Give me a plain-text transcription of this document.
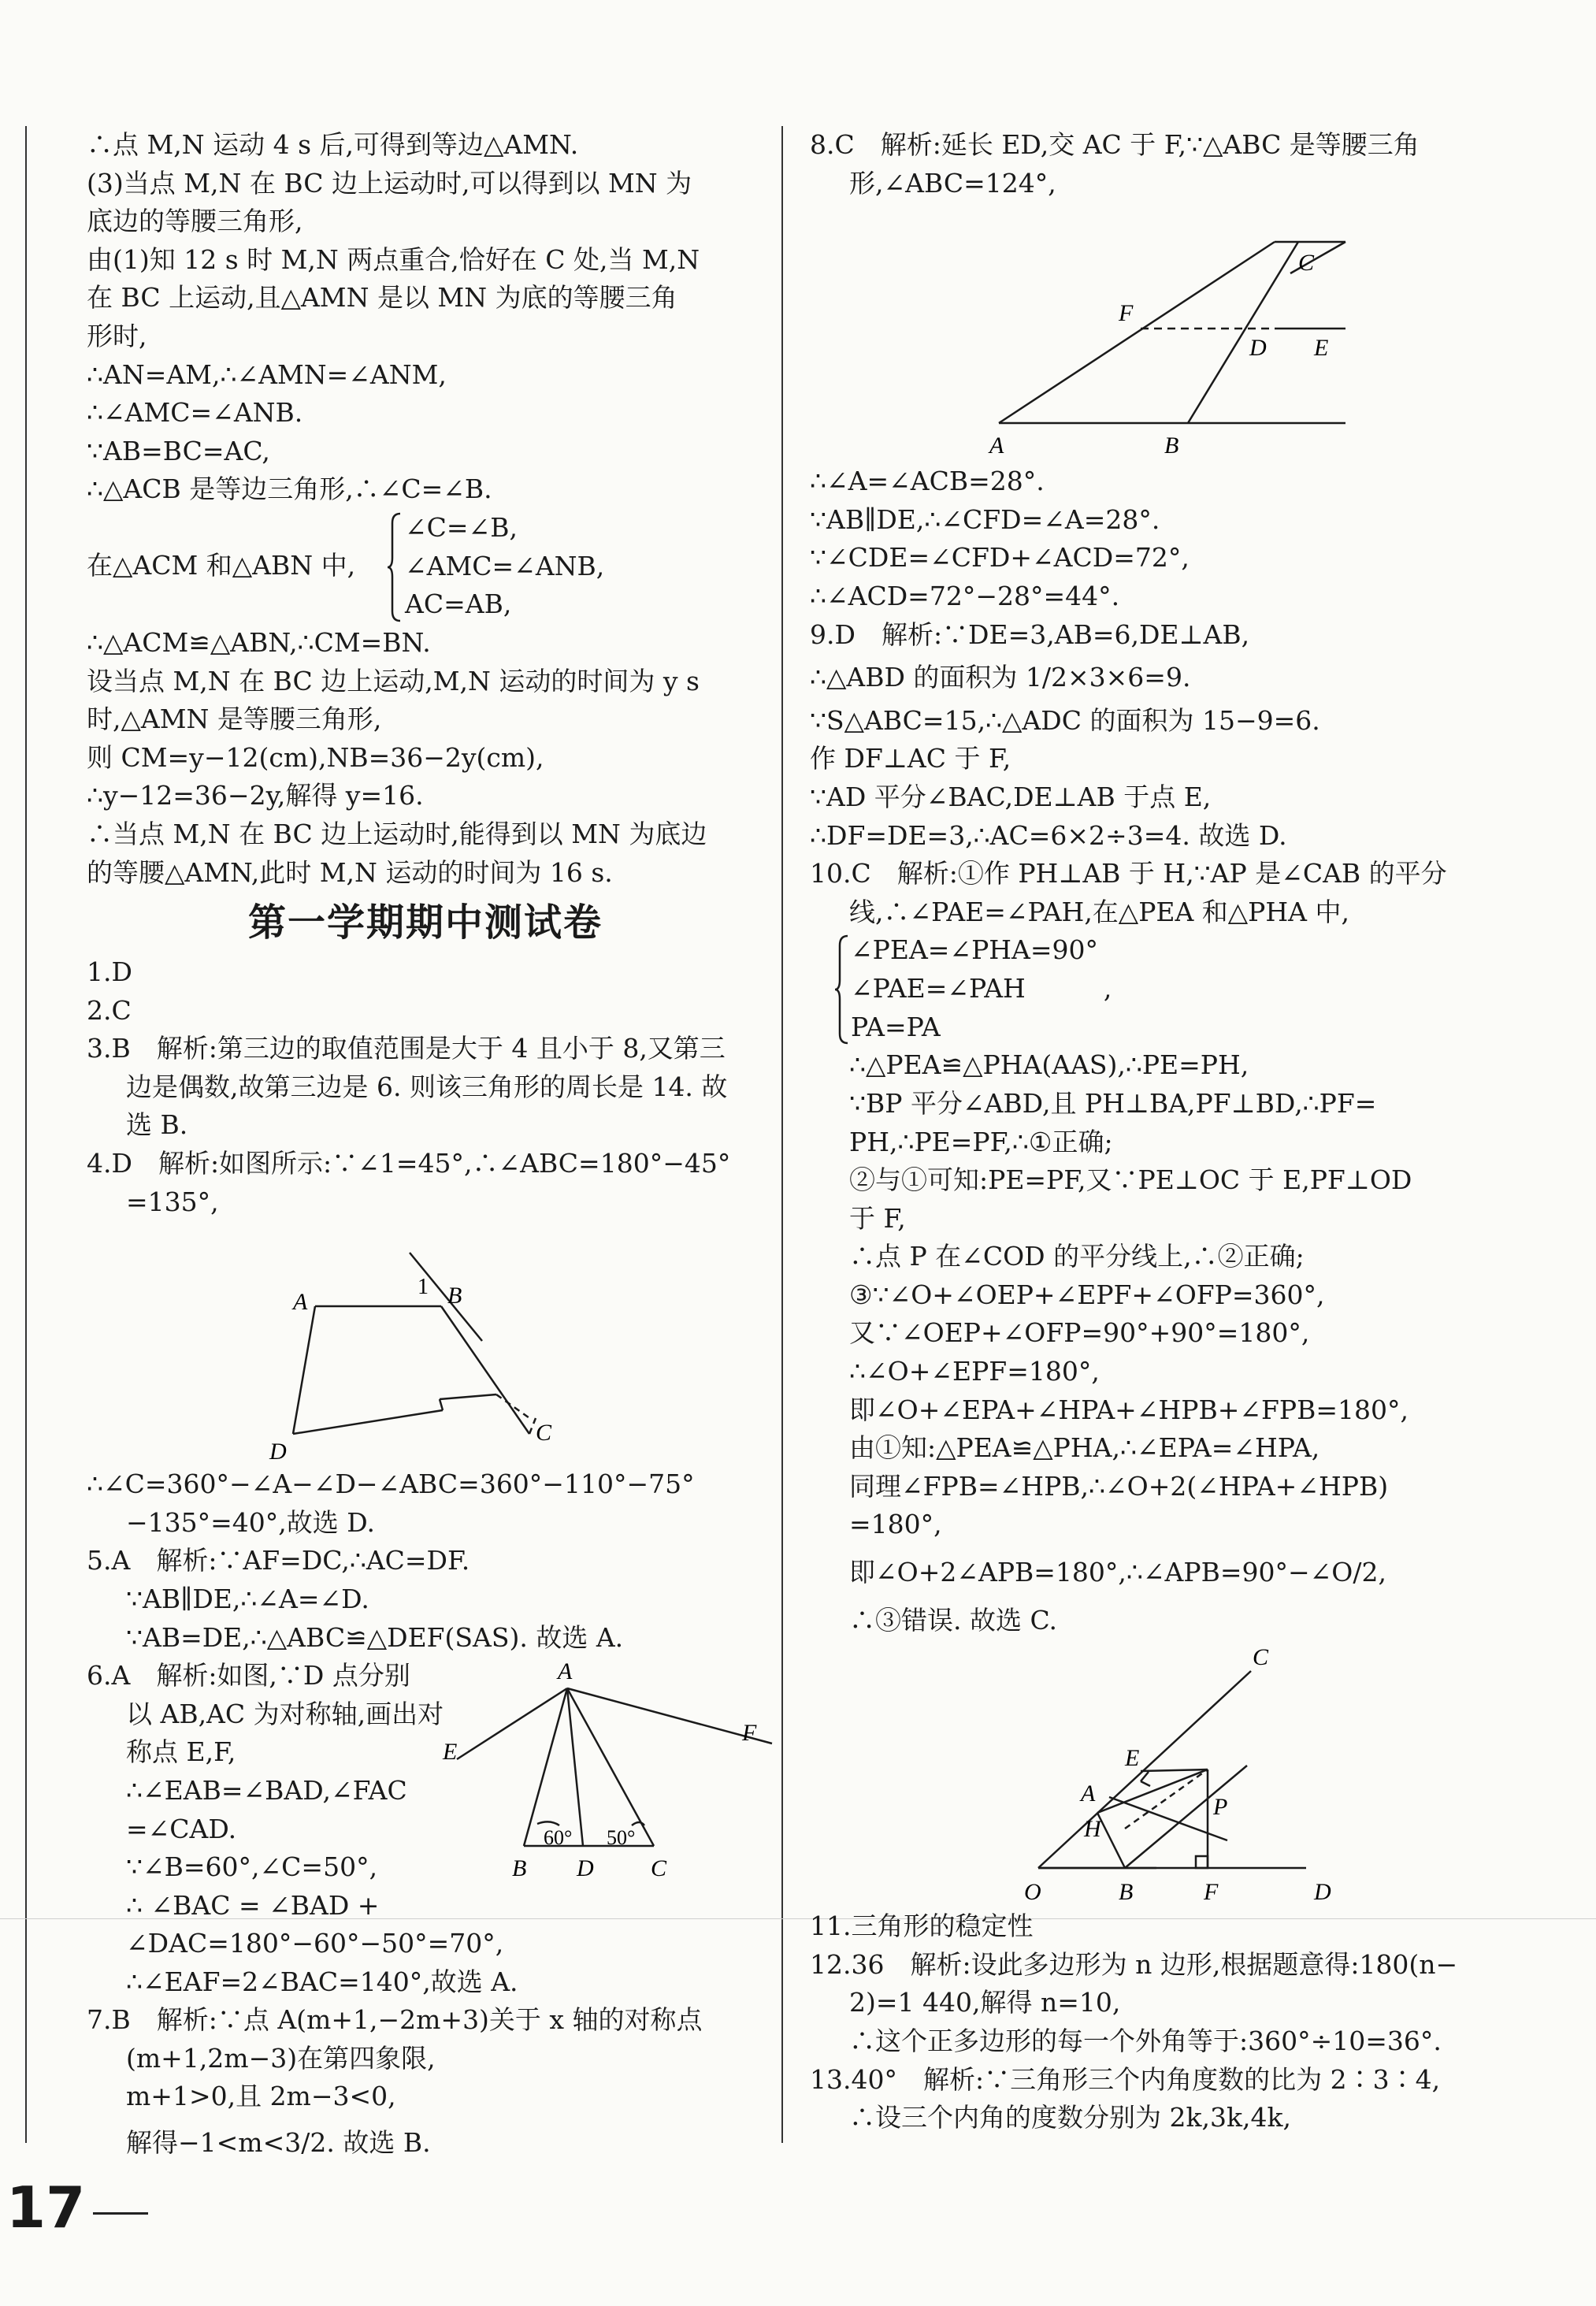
∴点 M,N 运动 4 s 后,可得到等边△AMN.
(3)当点 M,N 在 BC 边上运动时,可以得到以 MN 为
底边的等腰三角形,
由(1)知 12 s 时 M,N 两点重合,恰好在 C 处,当 M,N
在 BC 上运动,且△AMN 是以 MN 为底的等腰三角
形时,
∴AN=AM,∴∠AMN=∠ANM,
∴∠AMC=∠ANB.
∵AB=BC=AC,
∴△ACB 是等边三角形,∴∠C=∠B.
在△ACM 和△ABN 中,
∠C=∠B,
∠AMC=∠ANB,
AC=AB,
∴△ACM≌△ABN,∴CM=BN.
设当点 M,N 在 BC 边上运动,M,N 运动的时间为 y s
时,△AMN 是等腰三角形,
则 CM=y−12(cm),NB=36−2y(cm),
∴y−12=36−2y,解得 y=16.
∴当点 M,N 在 BC 边上运动时,能得到以 MN 为底边
的等腰△AMN,此时 M,N 运动的时间为 16 s.
第一学期期中测试卷
1.D
2.C
3.B　解析:第三边的取值范围是大于 4 且小于 8,又第三
边是偶数,故第三边是 6. 则该三角形的周长是 14. 故
选 B.
4.D　解析:如图所示:∵∠1=45°,∴∠ABC=180°−45°
=135°,
A	B
C
D
1
∴∠C=360°−∠A−∠D−∠ABC=360°−110°−75°
−135°=40°,故选 D.
5.A　解析:∵AF=DC,∴AC=DF.
∵AB∥DE,∴∠A=∠D.
∵AB=DE,∴△ABC≌△DEF(SAS). 故选 A.
6.A　解析:如图,∵D 点分别
以 AB,AC 为对称轴,画出对
称点 E,F,
∴∠EAB=∠BAD,∠FAC
=∠CAD.
∵∠B=60°,∠C=50°,
∴ ∠BAC = ∠BAD +
∠DAC=180°−60°−50°=70°,
∴∠EAF=2∠BAC=140°,故选 A.
A
B	C
D
E
F
60° 50°
7.B　解析:∵点 A(m+1,−2m+3)关于 x 轴的对称点
(m+1,2m−3)在第四象限,
m+1>0,且 2m−3<0,
解得−1<m<3/2. 故选 B.
8.C　解析:延长 ED,交 AC 于 F,∵△ABC 是等腰三角
形,∠ABC=124°,
C
F
D E
A	B
∴∠A=∠ACB=28°.
∵AB∥DE,∴∠CFD=∠A=28°.
∵∠CDE=∠CFD+∠ACD=72°,
∴∠ACD=72°−28°=44°.
9.D　解析:∵DE=3,AB=6,DE⊥AB,
∴△ABD 的面积为 1/2×3×6=9.
∵S△ABC=15,∴△ADC 的面积为 15−9=6.
作 DF⊥AC 于 F,
∵AD 平分∠BAC,DE⊥AB 于点 E,
∴DF=DE=3,∴AC=6×2÷3=4. 故选 D.
10.C　解析:①作 PH⊥AB 于 H,∵AP 是∠CAB 的平分
线,∴∠PAE=∠PAH,在△PEA 和△PHA 中,
∠PEA=∠PHA=90°
∠PAE=∠PAH　　　,
PA=PA
∴△PEA≌△PHA(AAS),∴PE=PH,
∵BP 平分∠ABD,且 PH⊥BA,PF⊥BD,∴PF=
PH,∴PE=PF,∴①正确;
②与①可知:PE=PF,又∵PE⊥OC 于 E,PF⊥OD
于 F,
∴点 P 在∠COD 的平分线上,∴②正确;
③∵∠O+∠OEP+∠EPF+∠OFP=360°,
又∵∠OEP+∠OFP=90°+90°=180°,
∴∠O+∠EPF=180°,
即∠O+∠EPA+∠HPA+∠HPB+∠FPB=180°,
由①知:△PEA≌△PHA,∴∠EPA=∠HPA,
同理∠FPB=∠HPB,∴∠O+2(∠HPA+∠HPB)
=180°,
即∠O+2∠APB=180°,∴∠APB=90°−∠O/2,
∴③错误. 故选 C.
O
A
B
C
D
E
F
H
P
11.三角形的稳定性
12.36　解析:设此多边形为 n 边形,根据题意得:180(n−
2)=1 440,解得 n=10,
∴这个正多边形的每一个外角等于:360°÷10=36°.
13.40°　解析:∵三角形三个内角度数的比为 2∶3∶4,
∴设三个内角的度数分别为 2k,3k,4k,
17
